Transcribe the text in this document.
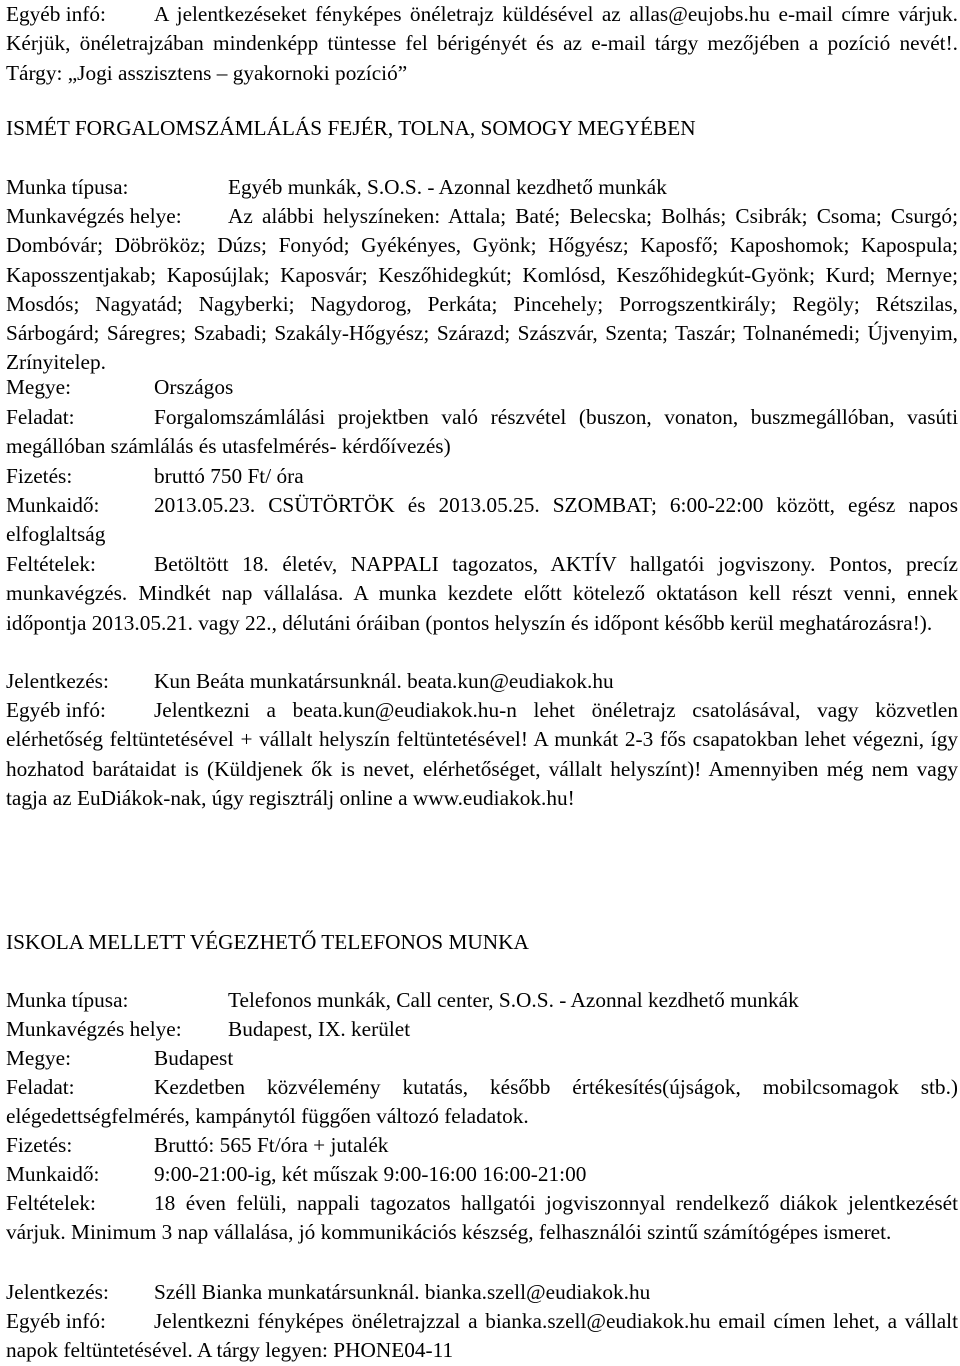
Egyéb infó: A jelentkezéseket fényképes önéletrajz küldésével az allas@eujobs.hu e-mail címre várjuk. Kérjük, önéletrajzában mindenképp tüntesse fel bérigényét és az e-mail tárgy mezőjében a pozíció nevét!. Tárgy: „Jogi asszisztens – gyakornoki pozíció”

ISMÉT FORGALOMSZÁMLÁLÁS FEJÉR, TOLNA, SOMOGY MEGYÉBEN

Munka típusa:	Egyéb munkák, S.O.S. - Azonnal kezdhető munkák

Munkavégzés helye: Az alábbi helyszíneken: Attala; Baté; Belecska; Bolhás; Csibrák; Csoma; Csurgó; Dombóvár; Döbrököz; Dúzs; Fonyód; Gyékényes, Gyönk; Hőgyész; Kaposfő; Kaposhomok; Kapospula; Kaposszentjakab; Kaposújlak; Kaposvár; Keszőhidegkút; Komlósd, Keszőhidegkút-Gyönk; Kurd; Mernye; Mosdós; Nagyatád; Nagyberki; Nagydorog, Perkáta; Pincehely; Porrogszentkirály; Regöly; Rétszilas, Sárbogárd; Sáregres; Szabadi; Szakály-Hőgyész; Szárazd; Szászvár, Szenta; Taszár; Tolnanémedi; Újvenyim, Zrínyitelep.

Megye:	Országos

Feladat:	Forgalomszámlálási projektben való részvétel (buszon, vonaton, buszmegállóban, vasúti megállóban számlálás és utasfelmérés- kérdőívezés)

Fizetés:	bruttó 750 Ft/ óra

Munkaidő:	2013.05.23. CSÜTÖRTÖK és 2013.05.25. SZOMBAT; 6:00-22:00 között, egész napos elfoglaltság

Feltételek:	Betöltött 18. életév, NAPPALI tagozatos, AKTÍV hallgatói jogviszony. Pontos, precíz munkavégzés. Mindkét nap vállalása. A munka kezdete előtt kötelező oktatáson kell részt venni, ennek időpontja 2013.05.21. vagy 22., délutáni óráiban (pontos helyszín és időpont később kerül meghatározásra!).

Jelentkezés: Kun Beáta munkatársunknál. beata.kun@eudiakok.hu

Egyéb infó: Jelentkezni a beata.kun@eudiakok.hu-n lehet önéletrajz csatolásával, vagy közvetlen elérhetőség feltüntetésével + vállalt helyszín feltüntetésével! A munkát 2-3 fős csapatokban lehet végezni, így hozhatod barátaidat is (Küldjenek ők is nevet, elérhetőséget, vállalt helyszínt)! Amennyiben még nem vagy tagja az EuDiákok-nak, úgy regisztrálj online a www.eudiakok.hu!

ISKOLA MELLETT VÉGEZHETŐ TELEFONOS MUNKA

Munka típusa:	Telefonos munkák, Call center, S.O.S. - Azonnal kezdhető munkák

Munkavégzés helye: Budapest, IX. kerület

Megye:	Budapest

Feladat:	Kezdetben közvélemény kutatás, később értékesítés(újságok, mobilcsomagok stb.) elégedettségfelmérés, kampánytól függően változó feladatok.

Fizetés:	Bruttó: 565 Ft/óra + jutalék

Munkaidő:	9:00-21:00-ig, két műszak 9:00-16:00 16:00-21:00

Feltételek:	18 éven felüli, nappali tagozatos hallgatói jogviszonnyal rendelkező diákok jelentkezését várjuk. Minimum 3 nap vállalása, jó kommunikációs készség, felhasználói szintű számítógépes ismeret.

Jelentkezés: Széll Bianka munkatársunknál. bianka.szell@eudiakok.hu

Egyéb infó: Jelentkezni fényképes önéletrajzzal a bianka.szell@eudiakok.hu email címen lehet, a vállalt napok feltüntetésével. A tárgy legyen: PHONE04-11
